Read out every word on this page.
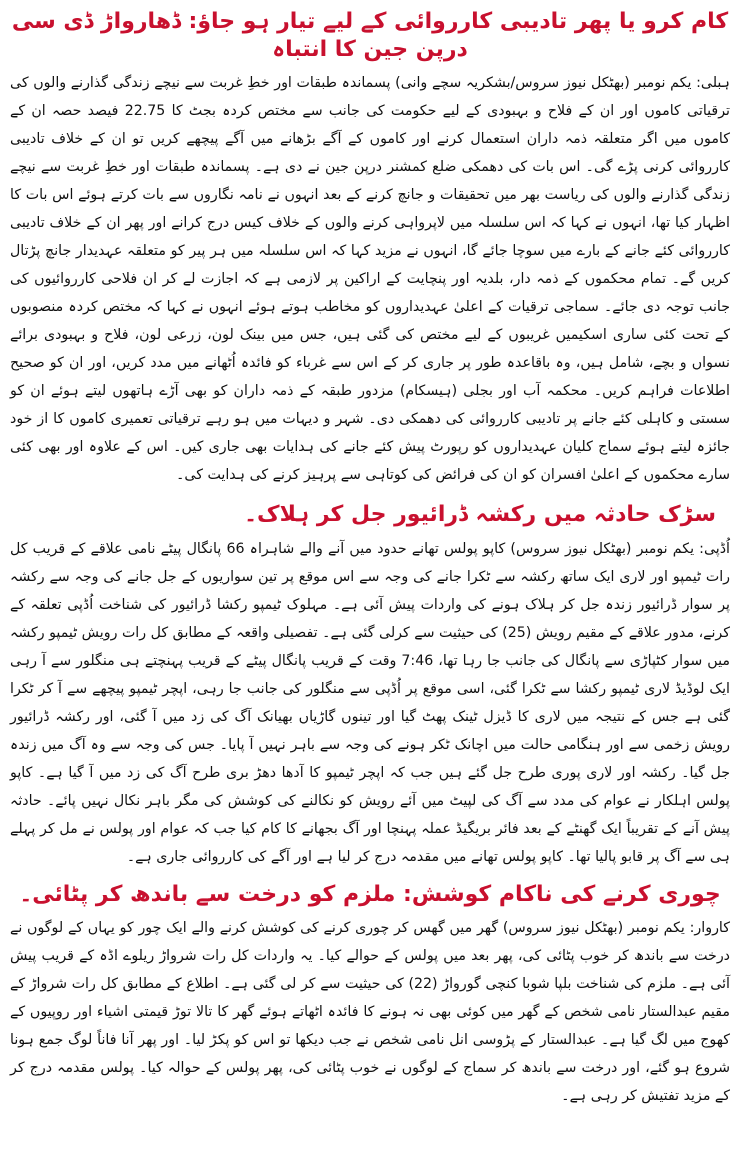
کام کرو یا پھر تادیبی کارروائی کے لیے تیار ہو جاؤ: ڈھارواڑ ڈی سی درپن جین کا انتباہ

ہبلی: یکم نومبر (بھٹکل نیوز سروس/بشکریہ سچے وانی) پسماندہ طبقات اور خطِ غربت سے نیچے زندگی گذارنے والوں کی ترقیاتی کاموں اور ان کے فلاح و بہبودی کے لیے حکومت کی جانب سے مختص کردہ بجٹ کا 22.75 فیصد حصہ ان کے کاموں میں اگر متعلقہ ذمہ داران استعمال کرنے اور کاموں کے آگے بڑھانے میں آگے پیچھے کریں تو ان کے خلاف تادیبی کارروائی کرنی پڑے گی۔ اس بات کی دھمکی ضلع کمشنر درپن جین نے دی ہے۔ پسماندہ طبقات اور خطِ غربت سے نیچے زندگی گذارنے والوں کی ریاست بھر میں تحقیقات و جانچ کرنے کے بعد انہوں نے نامہ نگاروں سے بات کرتے ہوئے اس بات کا اظہار کیا تھا، انہوں نے کہا کہ اس سلسلہ میں لاپرواہی کرنے والوں کے خلاف کیس درج کرانے اور پھر ان کے خلاف تادیبی کارروائی کئے جانے کے بارے میں سوچا جائے گا، انہوں نے مزید کہا کہ اس سلسلہ میں ہر پیر کو متعلقہ عہدیدار جانچ پڑتال کریں گے۔ تمام محکموں کے ذمہ دار، بلدیہ اور پنچایت کے اراکین پر لازمی ہے کہ اجازت لے کر ان فلاحی کارروائیوں کی جانب توجہ دی جائے۔ سماجی ترقیات کے اعلیٰ عہدیداروں کو مخاطب ہوتے ہوئے انہوں نے کہا کہ مختص کردہ منصوبوں کے تحت کئی ساری اسکیمیں غریبوں کے لیے مختص کی گئی ہیں، جس میں بینک لون، زرعی لون، فلاح و بہبودی برائے نسواں و بچے، شامل ہیں، وہ باقاعدہ طور پر جاری کر کے اس سے غرباء کو فائدہ اُٹھانے میں مدد کریں، اور ان کو صحیح اطلاعات فراہم کریں۔ محکمہ آب اور بجلی (ہیسکام) مزدور طبقہ کے ذمہ داران کو بھی آڑے ہاتھوں لیتے ہوئے ان کو سستی و کاہلی کئے جانے پر تادیبی کارروائی کی دھمکی دی۔ شہر و دیہات میں ہو رہے ترقیاتی تعمیری کاموں کا از خود جائزہ لیتے ہوئے سماج کلیان عہدیداروں کو رپورٹ پیش کئے جانے کی ہدایات بھی جاری کیں۔ اس کے علاوہ اور بھی کئی سارے محکموں کے اعلیٰ افسران کو ان کی فرائض کی کوتاہی سے پرہیز کرنے کی ہدایت کی۔

سڑک حادثہ میں رکشہ ڈرائیور جل کر ہلاک۔

اُڈپی: یکم نومبر (بھٹکل نیوز سروس) کاپو پولس تھانے حدود میں آنے والے شاہراہ 66 پانگال پیٹے نامی علاقے کے قریب کل رات ٹیمپو اور لاری ایک ساتھ رکشہ سے ٹکرا جانے کی وجہ سے اس موقع پر تین سواریوں کے جل جانے کی وجہ سے رکشہ پر سوار ڈرائیور زندہ جل کر ہلاک ہونے کی واردات پیش آئی ہے۔ مہلوک ٹیمپو رکشا ڈرائیور کی شناخت اُڈپی تعلقہ کے کرنے، مدور علاقے کے مقیم رویش (25) کی حیثیت سے کرلی گئی ہے۔ تفصیلی واقعہ کے مطابق کل رات رویش ٹیمپو رکشہ میں سوار کٹپاڑی سے پانگال کی جانب جا رہا تھا، 7:46 وقت کے قریب پانگال پیٹے کے قریب پہنچتے ہی منگلور سے آ رہی ایک لوڈیڈ لاری ٹیمپو رکشا سے ٹکرا گئی، اسی موقع پر اُڈپی سے منگلور کی جانب جا رہی، اپچر ٹیمپو پیچھے سے آ کر ٹکرا گئی ہے جس کے نتیجہ میں لاری کا ڈیزل ٹینک پھٹ گیا اور تینوں گاڑیاں بھیانک آگ کی زد میں آ گئی، اور رکشہ ڈرائیور رویش زخمی سے اور ہنگامی حالت میں اچانک ٹکر ہونے کی وجہ سے باہر نہیں آ پایا۔ جس کی وجہ سے وہ آگ میں زندہ جل گیا۔ رکشہ اور لاری پوری طرح جل گئے ہیں جب کہ اپچر ٹیمپو کا آدھا دھڑ بری طرح آگ کی زد میں آ گیا ہے۔ کاپو پولس اہلکار نے عوام کی مدد سے آگ کی لپیٹ میں آئے رویش کو نکالنے کی کوشش کی مگر باہر نکال نہیں پائے۔ حادثہ پیش آنے کے تقریباً ایک گھنٹے کے بعد فائر بریگیڈ عملہ پہنچا اور آگ بجھانے کا کام کیا جب کہ عوام اور پولس نے مل کر پہلے ہی سے آگ پر قابو پالیا تھا۔ کاپو پولس تھانے میں مقدمہ درج کر لیا ہے اور آگے کی کارروائی جاری ہے۔

چوری کرنے کی ناکام کوشش: ملزم کو درخت سے باندھ کر پٹائی۔

کاروار: یکم نومبر (بھٹکل نیوز سروس) گھر میں گھس کر چوری کرنے کی کوشش کرنے والے ایک چور کو یہاں کے لوگوں نے درخت سے باندھ کر خوب پٹائی کی، پھر بعد میں پولس کے حوالے کیا۔ یہ واردات کل رات شرواڑ ریلوے اڈہ کے قریب پیش آئی ہے۔ ملزم کی شناخت بلپا شوبا کنچی گورواڑ (22) کی حیثیت سے کر لی گئی ہے۔ اطلاع کے مطابق کل رات شرواڑ کے مقیم عبدالستار نامی شخص کے گھر میں کوئی بھی نہ ہونے کا فائدہ اٹھاتے ہوئے گھر کا تالا توڑ قیمتی اشیاء اور روپیوں کے کھوج میں لگ گیا ہے۔ عبدالستار کے پڑوسی انل نامی شخص نے جب دیکھا تو اس کو پکڑ لیا۔ اور پھر آنا فاناً لوگ جمع ہونا شروع ہو گئے، اور درخت سے باندھ کر سماج کے لوگوں نے خوب پٹائی کی، پھر پولس کے حوالہ کیا۔ پولس مقدمہ درج کر کے مزید تفتیش کر رہی ہے۔
